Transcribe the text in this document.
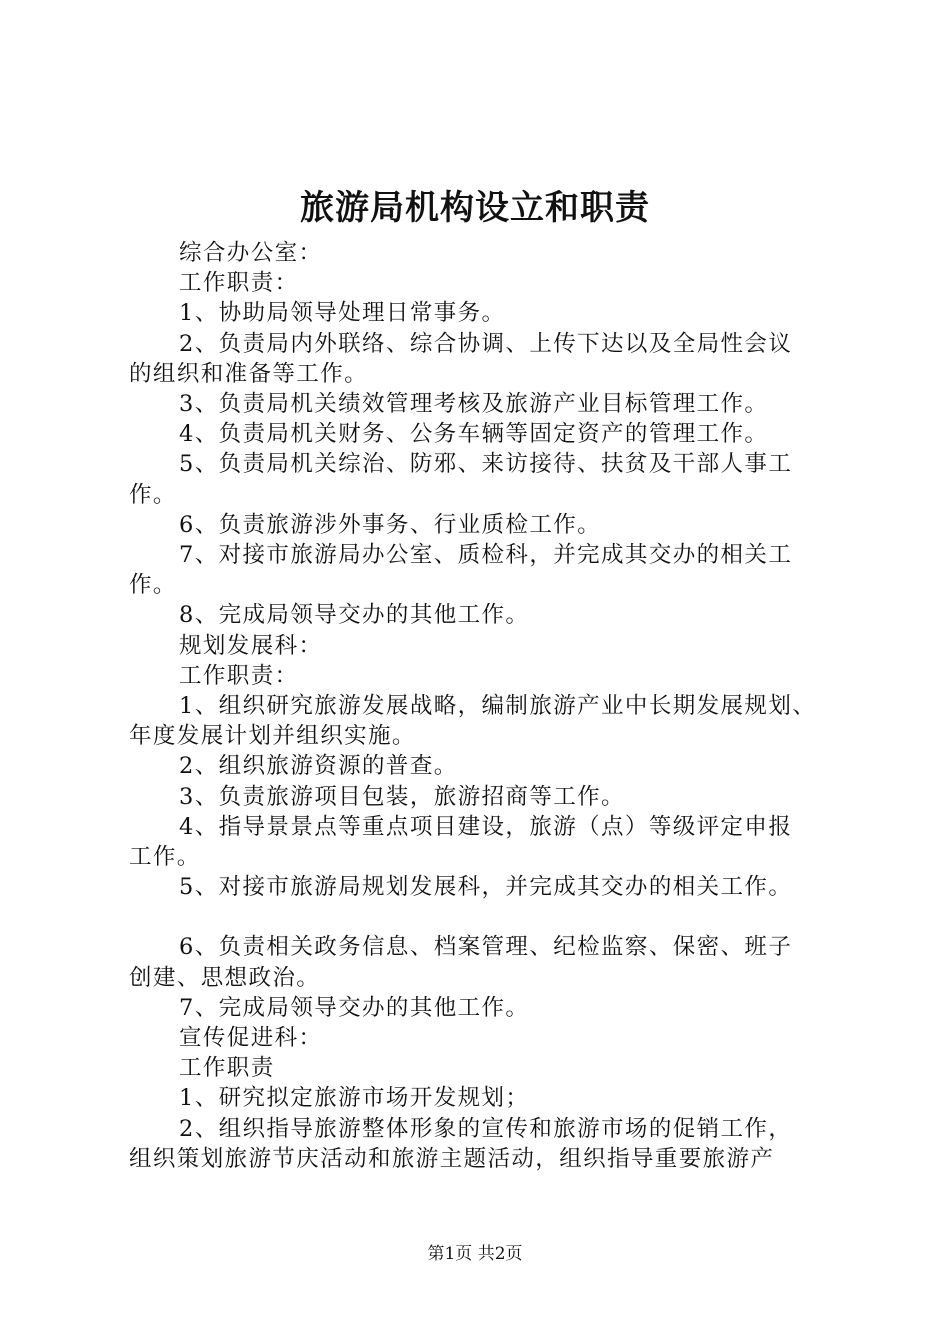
旅游局机构设立和职责
综合办公室：
工作职责：
1、协助局领导处理日常事务。
2、负责局内外联络、综合协调、上传下达以及全局性会议
的组织和准备等工作。
3、负责局机关绩效管理考核及旅游产业目标管理工作。
4、负责局机关财务、公务车辆等固定资产的管理工作。
5、负责局机关综治、防邪、来访接待、扶贫及干部人事工
作。
6、负责旅游涉外事务、行业质检工作。
7、对接市旅游局办公室、质检科，并完成其交办的相关工
作。
8、完成局领导交办的其他工作。
规划发展科：
工作职责：
1、组织研究旅游发展战略，编制旅游产业中长期发展规划、
年度发展计划并组织实施。
2、组织旅游资源的普查。
3、负责旅游项目包装，旅游招商等工作。
4、指导景景点等重点项目建设，旅游（点）等级评定申报
工作。
5、对接市旅游局规划发展科，并完成其交办的相关工作。
6、负责相关政务信息、档案管理、纪检监察、保密、班子
创建、思想政治。
7、完成局领导交办的其他工作。
宣传促进科：
工作职责
1、研究拟定旅游市场开发规划；
2、组织指导旅游整体形象的宣传和旅游市场的促销工作，
组织策划旅游节庆活动和旅游主题活动，组织指导重要旅游产
第1页 共2页
